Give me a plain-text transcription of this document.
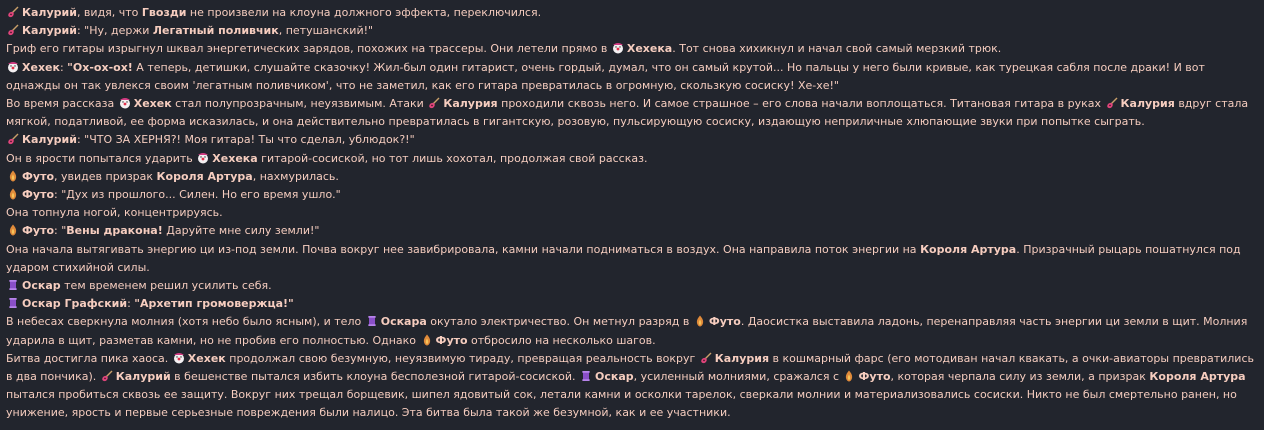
Калурий, видя, что Гвозди не произвели на клоуна должного эффекта, переключился.

Калурий: "Ну, держи Легатный поливчик, петушанский!"

Гриф его гитары изрыгнул шквал энергетических зарядов, похожих на трассеры. Они летели прямо в
Хехека. Тот снова хихикнул и начал свой самый мерзкий трюк.

Хехек: "Ох-ох-ох! А теперь, детишки, слушайте сказочку! Жил-был один гитарист, очень гордый, думал, что он самый крутой... Но пальцы у него были кривые, как турецкая сабля после драки! И вот однажды он так увлекся своим 'легатным поливчиком', что не заметил, как его гитара превратилась в огромную, скользкую сосиску! Хе-хе!"

Во время рассказа
Хехек стал полупрозрачным, неуязвимым. Атаки
Калурия проходили сквозь него. И самое страшное – его слова начали воплощаться. Титановая гитара в руках
Калурия вдруг стала мягкой, податливой, ее форма исказилась, и она действительно превратилась в гигантскую, розовую, пульсирующую сосиску, издающую неприличные хлюпающие звуки при попытке сыграть.

Калурий: "ЧТО ЗА ХЕРНЯ?! Моя гитара! Ты что сделал, ублюдок?!"

Он в ярости попытался ударить
Хехека гитарой-сосиской, но тот лишь хохотал, продолжая свой рассказ.

Футо, увидев призрак Короля Артура, нахмурилась.

Футо: "Дух из прошлого... Силен. Но его время ушло."

Она топнула ногой, концентрируясь.

Футо: "Вены дракона! Даруйте мне силу земли!"

Она начала вытягивать энергию ци из-под земли. Почва вокруг нее завибрировала, камни начали подниматься в воздух. Она направила поток энергии на Короля Артура. Призрачный рыцарь пошатнулся под ударом стихийной силы.

Оскар тем временем решил усилить себя.

Оскар Графский: "Архетип громовержца!"

В небесах сверкнула молния (хотя небо было ясным), и тело
Оскара окутало электричество. Он метнул разряд в
Футо. Даосистка выставила ладонь, перенаправляя часть энергии ци земли в щит. Молния ударила в щит, разметав камни, но не пробив его полностью. Однако
Футо отбросило на несколько шагов.

Битва достигла пика хаоса.
Хехек продолжал свою безумную, неуязвимую тираду, превращая реальность вокруг
Калурия в кошмарный фарс (его мотодиван начал квакать, а очки-авиаторы превратились в два пончика).
Калурий в бешенстве пытался избить клоуна бесполезной гитарой-сосиской.
Оскар, усиленный молниями, сражался с
Футо, которая черпала силу из земли, а призрак Короля Артура пытался пробиться сквозь ее защиту. Вокруг них трещал борщевик, шипел ядовитый сок, летали камни и осколки тарелок, сверкали молнии и материализовались сосиски. Никто не был смертельно ранен, но унижение, ярость и первые серьезные повреждения были налицо. Эта битва была такой же безумной, как и ее участники.
